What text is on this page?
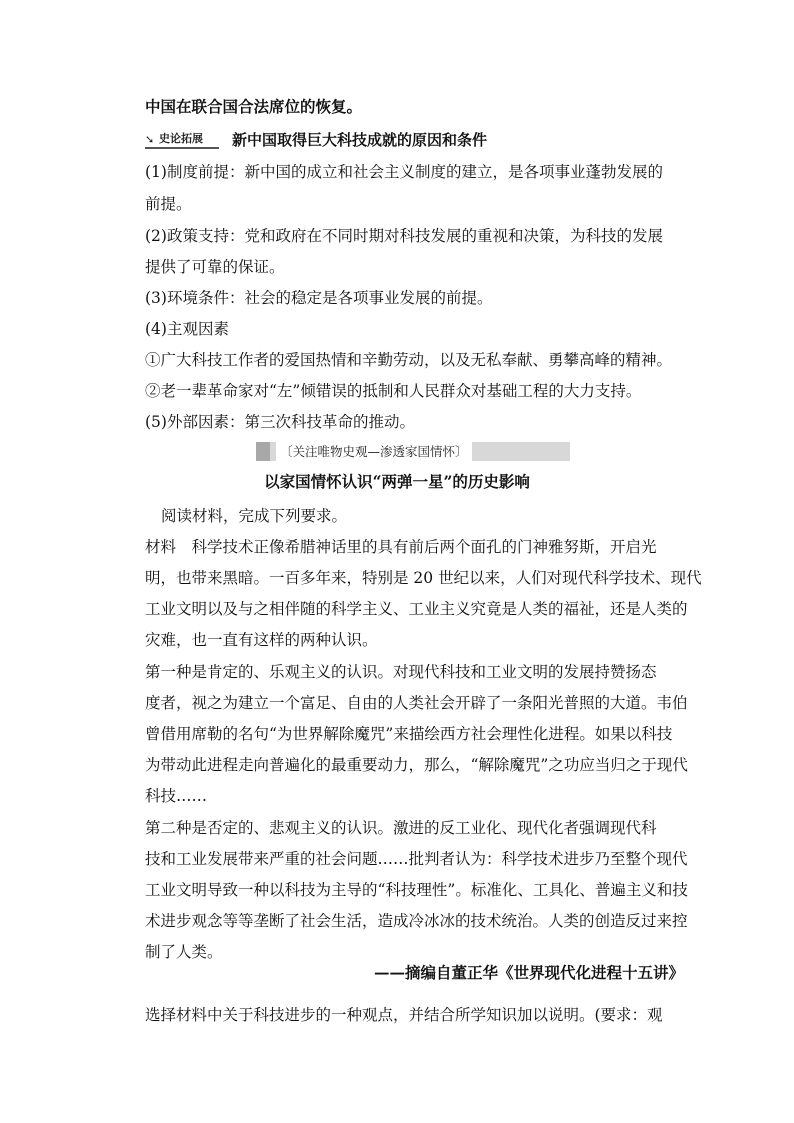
中国在联合国合法席位的恢复。
➘ 史论拓展 新中国取得巨大科技成就的原因和条件
(1)制度前提：新中国的成立和社会主义制度的建立，是各项事业蓬勃发展的
前提。
(2)政策支持：党和政府在不同时期对科技发展的重视和决策，为科技的发展
提供了可靠的保证。
(3)环境条件：社会的稳定是各项事业发展的前提。
(4)主观因素
①广大科技工作者的爱国热情和辛勤劳动，以及无私奉献、勇攀高峰的精神。
②老一辈革命家对“左”倾错误的抵制和人民群众对基础工程的大力支持。
(5)外部因素：第三次科技革命的推动。
〔关注唯物史观—渗透家国情怀〕
以家国情怀认识“两弹一星”的历史影响
阅读材料，完成下列要求。
材料　科学技术正像希腊神话里的具有前后两个面孔的门神雅努斯，开启光
明，也带来黑暗。一百多年来，特别是 20 世纪以来，人们对现代科学技术、现代
工业文明以及与之相伴随的科学主义、工业主义究竟是人类的福祉，还是人类的
灾难，也一直有这样的两种认识。
第一种是肯定的、乐观主义的认识。对现代科技和工业文明的发展持赞扬态
度者，视之为建立一个富足、自由的人类社会开辟了一条阳光普照的大道。韦伯
曾借用席勒的名句“为世界解除魔咒”来描绘西方社会理性化进程。如果以科技
为带动此进程走向普遍化的最重要动力，那么，“解除魔咒”之功应当归之于现代
科技……
第二种是否定的、悲观主义的认识。激进的反工业化、现代化者强调现代科
技和工业发展带来严重的社会问题……批判者认为：科学技术进步乃至整个现代
工业文明导致一种以科技为主导的“科技理性”。标准化、工具化、普遍主义和技
术进步观念等等垄断了社会生活，造成冷冰冰的技术统治。人类的创造反过来控
制了人类。
——摘编自董正华《世界现代化进程十五讲》
选择材料中关于科技进步的一种观点，并结合所学知识加以说明。(要求：观
